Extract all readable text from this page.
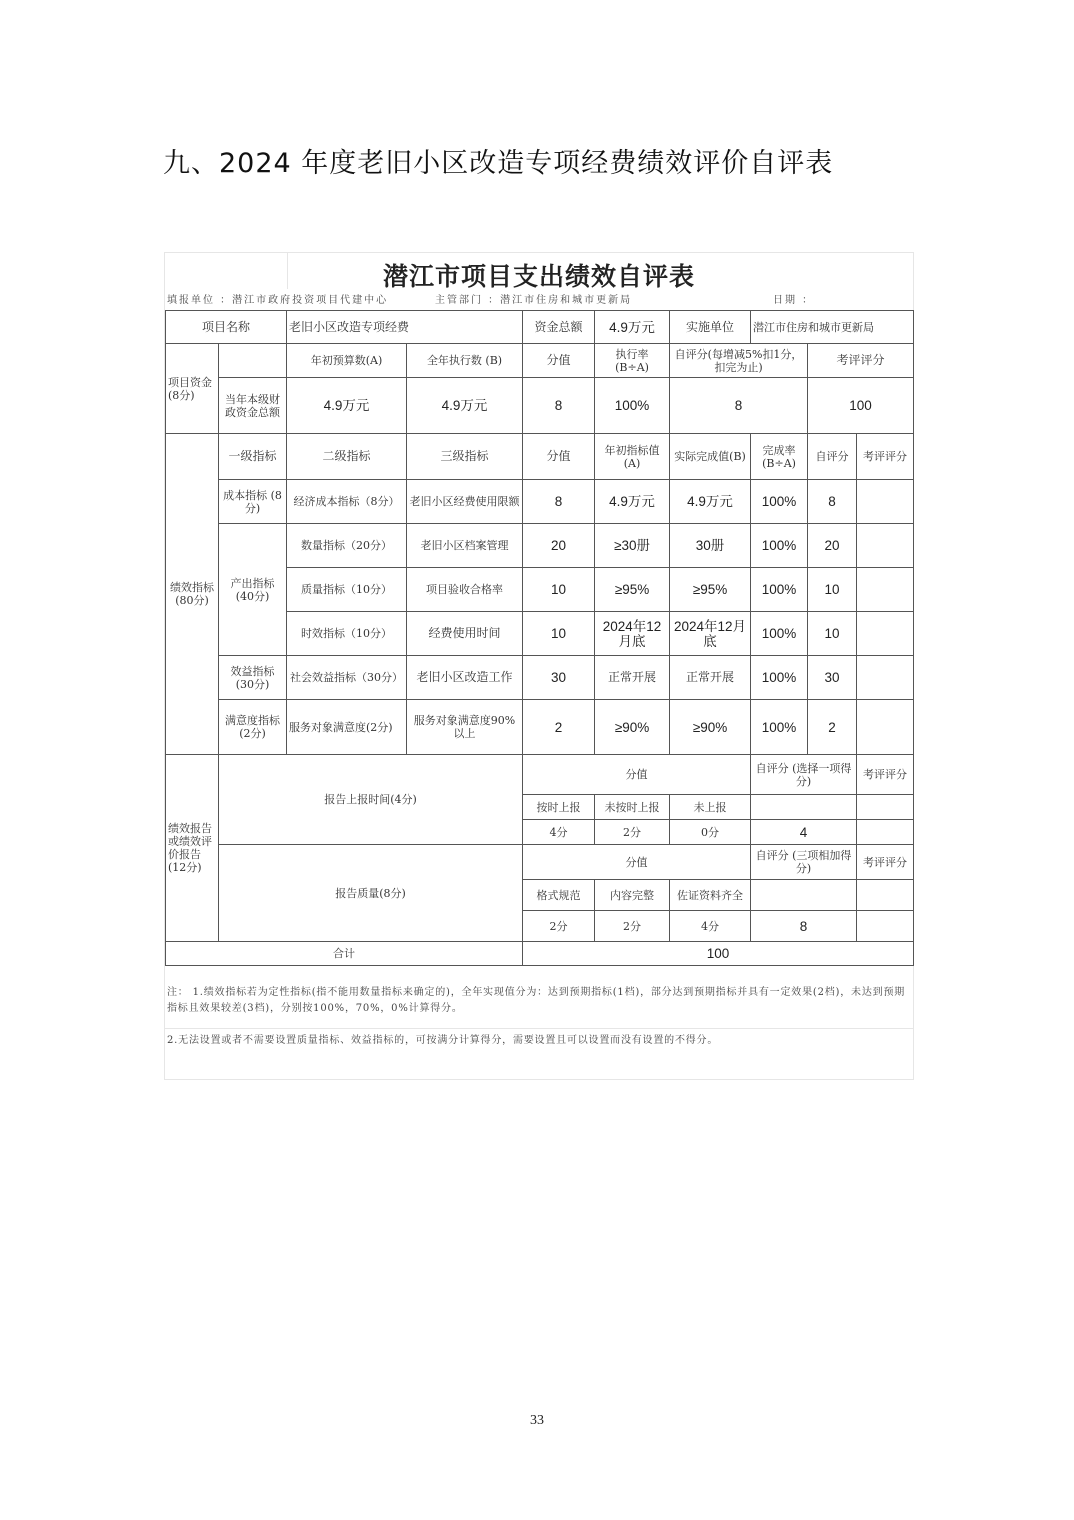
九、2024 年度老旧小区改造专项经费绩效评价自评表
潜江市项目支出绩效自评表
填报单位 ：潜江市政府投资项目代建中心	主管部门 ：潜江市住房和城市更新局	日期 ：
项目名称		老旧小区改造专项经费		资金总额	4.9万元	实施单位	潜江市住房和城市更新局		
项目资金 (8分)		年初预算数(A)	全年执行数 (B)	分值	执行率 (B÷A)	自评分(每增减5%扣1分，扣完为止)		考评评分	
	当年本级财政资金总额	4.9万元	4.9万元	8	100%	8		100	
绩效指标 (80分)	一级指标	二级指标	三级指标	分值	年初指标值 (A)	实际完成值(B)	完成率 (B÷A)	自评分	考评评分
	成本指标 (8分)	经济成本指标（8分）	老旧小区经费使用限额	8	4.9万元	4.9万元	100%	8	
	产出指标 (40分)	数量指标（20分）	老旧小区档案管理	20	≥30册	30册	100%	20	
		质量指标（10分）	项目验收合格率	10	≥95%	≥95%	100%	10	
		时效指标（10分）	经费使用时间	10	2024年12月底	2024年12月底	100%	10	
	效益指标 (30分)	社会效益指标（30分）	老旧小区改造工作	30	正常开展	正常开展	100%	30	
	满意度指标(2分)	服务对象满意度(2分)	服务对象满意度90%以上	2	≥90%	≥90%	100%	2	
绩效报告或绩效评价报告(12分)	报告上报时间(4分)			分值			自评分 (选择一项得分)		考评评分
				按时上报	未按时上报	未上报			
				4分	2分	0分	4		
	报告质量(8分)			分值			自评分 (三项相加得分)		考评评分
				格式规范	内容完整	佐证资料齐全			
				2分	2分	4分	8		
合计				100					
注： 1.绩效指标若为定性指标(指不能用数量指标来确定的)，全年实现值分为：达到预期指标(1档)，部分达到预期指标并具有一定效果(2档)，未达到预期指标且效果较差(3档)，分别按100%，70%，0%计算得分。
2.无法设置或者不需要设置质量指标、效益指标的，可按满分计算得分，需要设置且可以设置而没有设置的不得分。
33
